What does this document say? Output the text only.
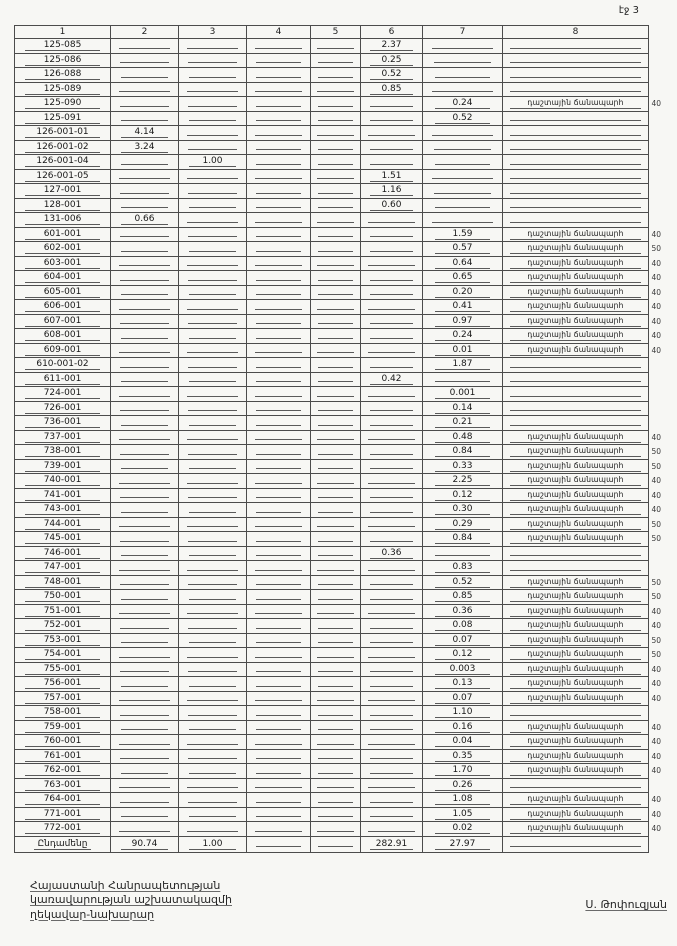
էջ 3
1	2	3	4	5	6	7	8
125-085					2.37		
125-086					0.25		
126-088					0.52		
125-089					0.85		
125-090						0.24	դաշտային ճանապարհ 40

125-091						0.52	
126-001-01	4.14						
126-001-02	3.24						
126-001-04		1.00					
126-001-05					1.51		
127-001					1.16		
128-001					0.60		
131-006	0.66						
601-001						1.59	դաշտային ճանապարհ 40

602-001						0.57	դաշտային ճանապարհ 50

603-001						0.64	դաշտային ճանապարհ 40

604-001						0.65	դաշտային ճանապարհ 40

605-001						0.20	դաշտային ճանապարհ 40

606-001						0.41	դաշտային ճանապարհ 40

607-001						0.97	դաշտային ճանապարհ 40

608-001						0.24	դաշտային ճանապարհ 40

609-001						0.01	դաշտային ճանապարհ 40

610-001-02						1.87	
611-001					0.42		
724-001						0.001	
726-001						0.14	
736-001						0.21	
737-001						0.48	դաշտային ճանապարհ 40

738-001						0.84	դաշտային ճանապարհ 50

739-001						0.33	դաշտային ճանապարհ 50

740-001						2.25	դաշտային ճանապարհ 40

741-001						0.12	դաշտային ճանապարհ 40

743-001						0.30	դաշտային ճանապարհ 40

744-001						0.29	դաշտային ճանապարհ 50

745-001						0.84	դաշտային ճանապարհ 50

746-001					0.36		
747-001						0.83	
748-001						0.52	դաշտային ճանապարհ 50

750-001						0.85	դաշտային ճանապարհ 50

751-001						0.36	դաշտային ճանապարհ 40

752-001						0.08	դաշտային ճանապարհ 40

753-001						0.07	դաշտային ճանապարհ 50

754-001						0.12	դաշտային ճանապարհ 50

755-001						0.003	դաշտային ճանապարհ 40

756-001						0.13	դաշտային ճանապարհ 40

757-001						0.07	դաշտային ճանապարհ 40

758-001						1.10	
759-001						0.16	դաշտային ճանապարհ 40

760-001						0.04	դաշտային ճանապարհ 40

761-001						0.35	դաշտային ճանապարհ 40

762-001						1.70	դաշտային ճանապարհ 40

763-001						0.26	
764-001						1.08	դաշտային ճանապարհ 40

771-001						1.05	դաշտային ճանապարհ 40

772-001						0.02	դաշտային ճանապարհ 40

Ընդամենը	90.74	1.00			282.91	27.97	
Հայաստանի Հանրապետության
կառավարության աշխատակազմի
ղեկավար-նախարար
Ս. Թոփուզյան
